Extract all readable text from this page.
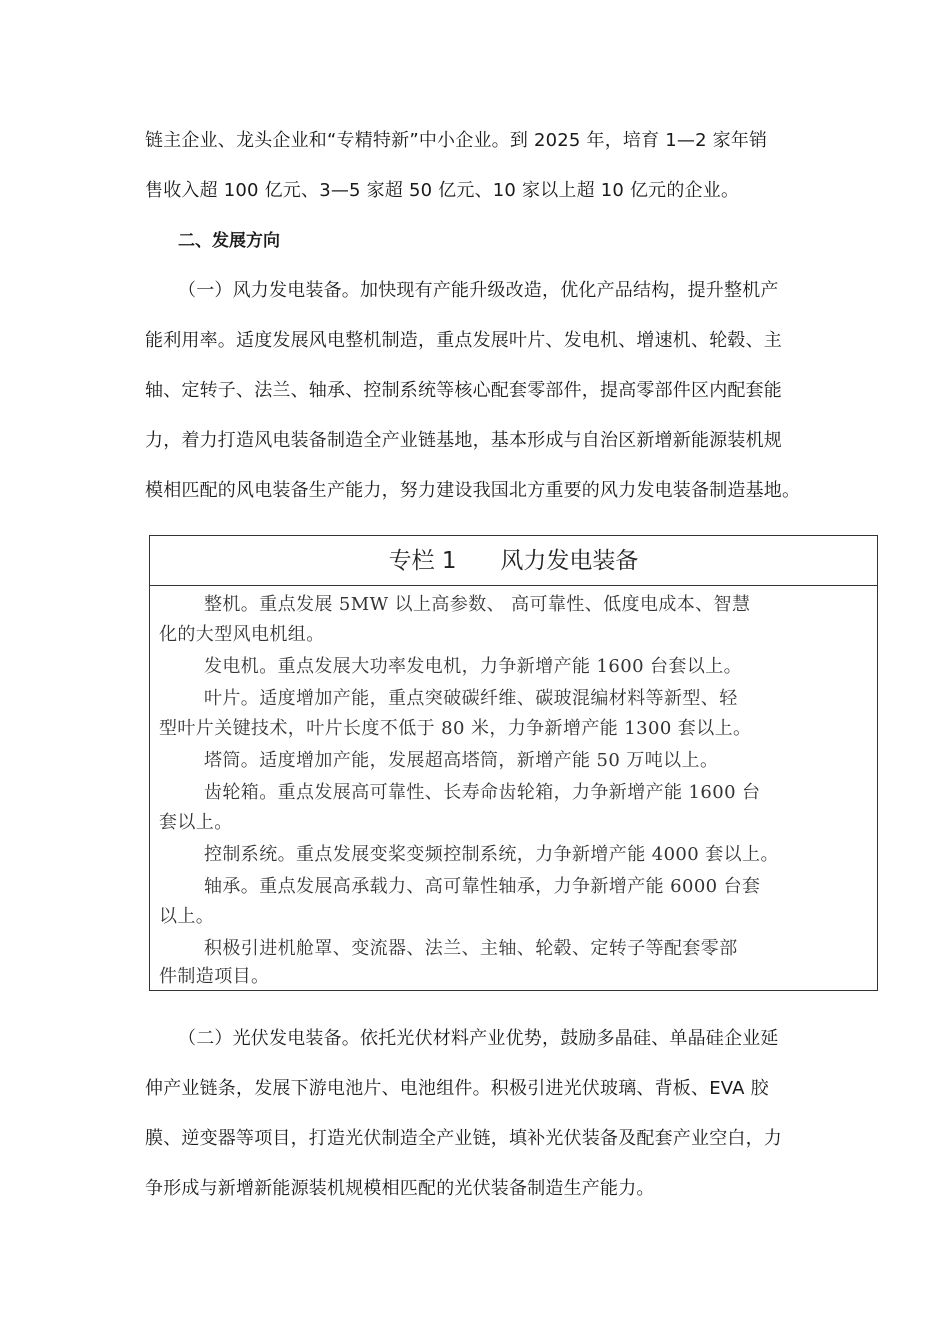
链主企业、龙头企业和“专精特新”中小企业。到 2025 年，培育 1—2 家年销
售收入超 100 亿元、3—5 家超 50 亿元、10 家以上超 10 亿元的企业。
二、发展方向
（一）风力发电装备。加快现有产能升级改造，优化产品结构，提升整机产
能利用率。适度发展风电整机制造，重点发展叶片、发电机、增速机、轮毂、主
轴、定转子、法兰、轴承、控制系统等核心配套零部件，提高零部件区内配套能
力，着力打造风电装备制造全产业链基地，基本形成与自治区新增新能源装机规
模相匹配的风电装备生产能力，努力建设我国北方重要的风力发电装备制造基地。
专栏 1      风力发电装备
整机。重点发展 5MW 以上高参数、 高可靠性、低度电成本、智慧
化的大型风电机组。
发电机。重点发展大功率发电机，力争新增产能 1600 台套以上。
叶片。适度增加产能，重点突破碳纤维、碳玻混编材料等新型、轻
型叶片关键技术，叶片长度不低于 80 米，力争新增产能 1300 套以上。
塔筒。适度增加产能，发展超高塔筒，新增产能 50 万吨以上。
齿轮箱。重点发展高可靠性、长寿命齿轮箱，力争新增产能 1600 台
套以上。
控制系统。重点发展变桨变频控制系统，力争新增产能 4000 套以上。
轴承。重点发展高承载力、高可靠性轴承，力争新增产能 6000 台套
以上。
积极引进机舱罩、变流器、法兰、主轴、轮毂、定转子等配套零部
件制造项目。
（二）光伏发电装备。依托光伏材料产业优势，鼓励多晶硅、单晶硅企业延
伸产业链条，发展下游电池片、电池组件。积极引进光伏玻璃、背板、EVA 胶
膜、逆变器等项目，打造光伏制造全产业链，填补光伏装备及配套产业空白，力
争形成与新增新能源装机规模相匹配的光伏装备制造生产能力。
